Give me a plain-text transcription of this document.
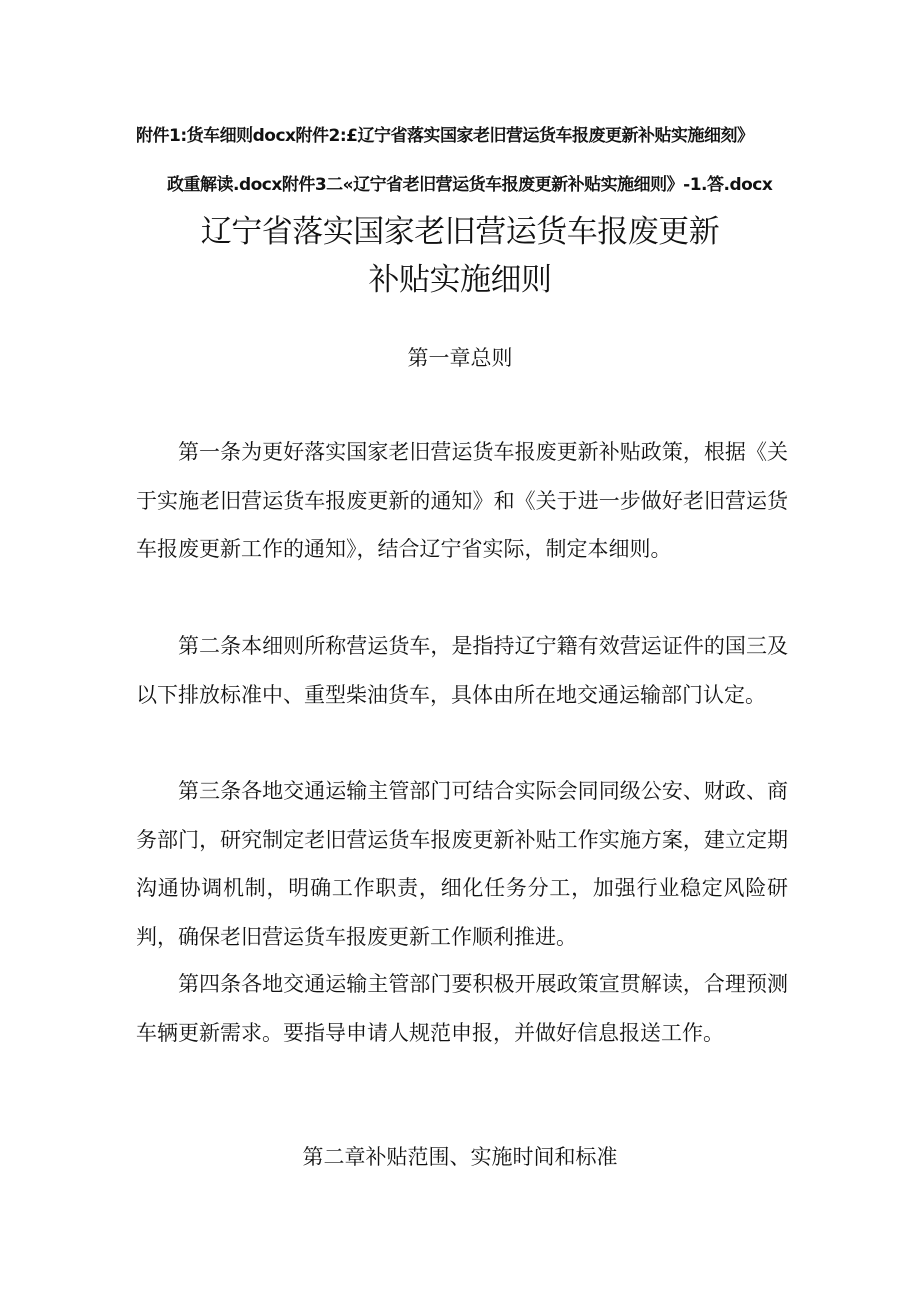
附件1:货车细则docx附件2:£辽宁省落实国家老旧营运货车报废更新补贴实施细刻》
政重解读.docx附件3二«辽宁省老旧营运货车报废更新补贴实施细则》-1.答.docx
辽宁省落实国家老旧营运货车报废更新
补贴实施细则
第一章总则

第一条为更好落实国家老旧营运货车报废更新补贴政策，根据《关于实施老旧营运货车报废更新的通知》和《关于进一步做好老旧营运货车报废更新工作的通知》，结合辽宁省实际，制定本细则。

第二条本细则所称营运货车，是指持辽宁籍有效营运证件的国三及以下排放标准中、重型柴油货车，具体由所在地交通运输部门认定。

第三条各地交通运输主管部门可结合实际会同同级公安、财政、商务部门，研究制定老旧营运货车报废更新补贴工作实施方案，建立定期沟通协调机制，明确工作职责，细化任务分工，加强行业稳定风险研判，确保老旧营运货车报废更新工作顺利推进。

第四条各地交通运输主管部门要积极开展政策宣贯解读，合理预测车辆更新需求。要指导申请人规范申报，并做好信息报送工作。

第二章补贴范围、实施时间和标准
